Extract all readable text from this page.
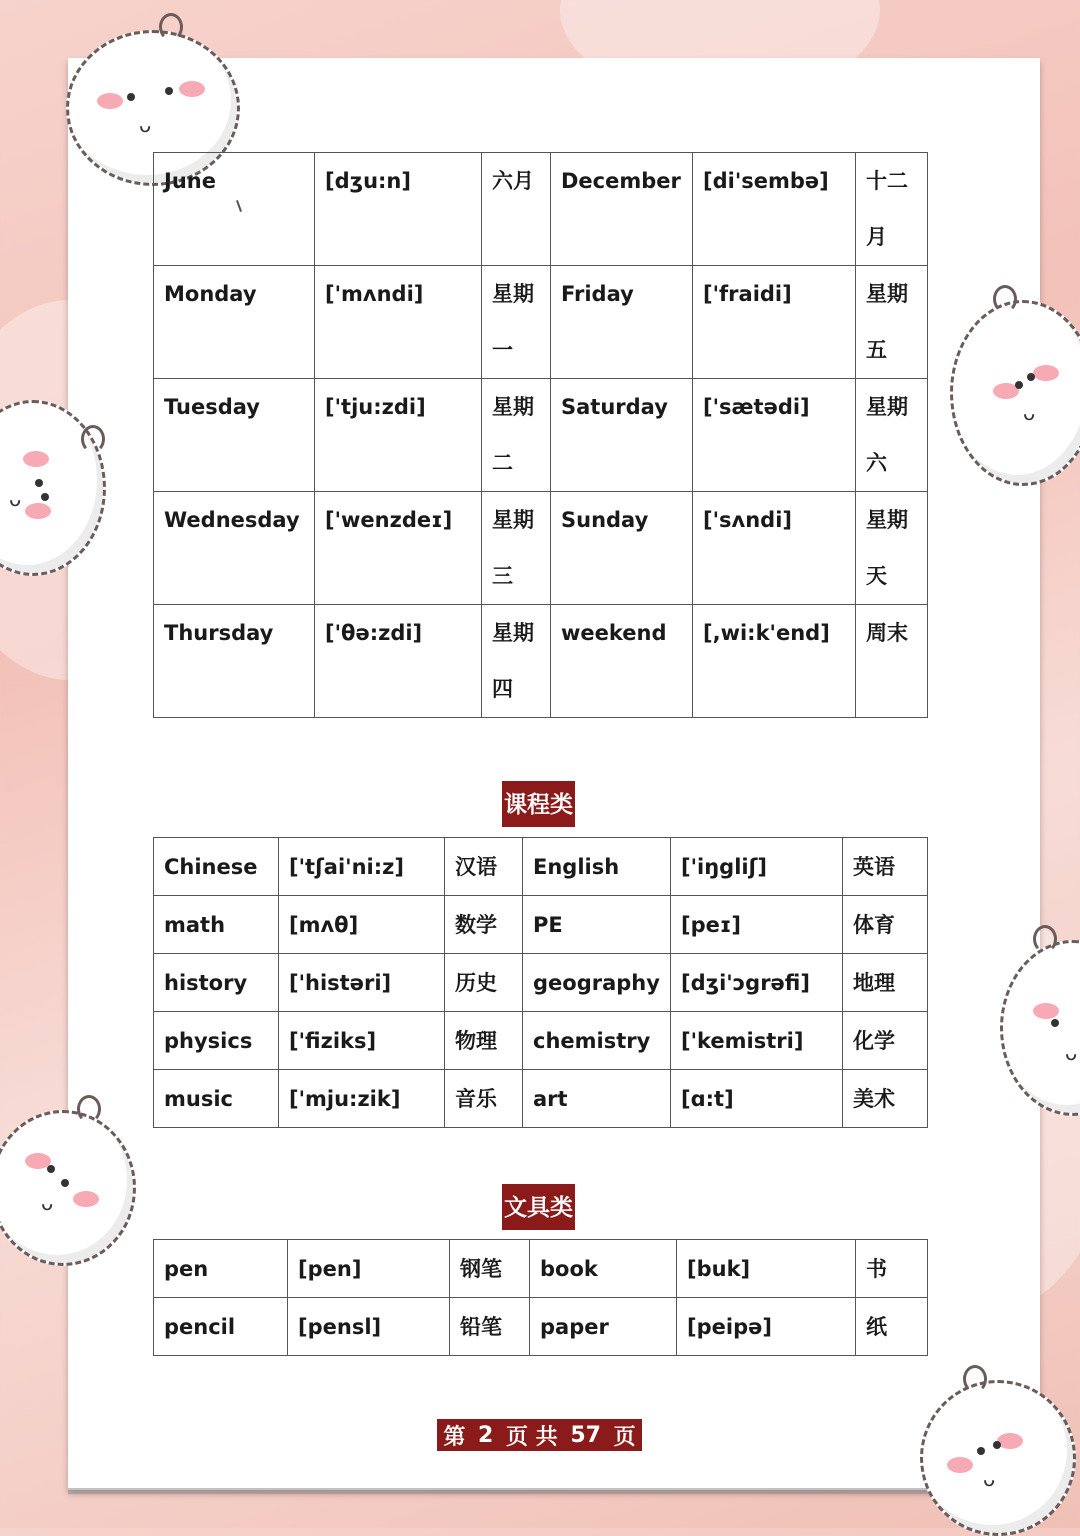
ᴗ
ᴗ
ᴗ
ᴗ
ᴗ
ᴗ
June	[dʒu:n]	六月	December	[di'sembə]	十二月
Monday	['mʌndi]	星期一	Friday	['fraidi]	星期五
Tuesday	['tju:zdi]	星期二	Saturday	['sætədi]	星期六
Wednesday	['wenzdeɪ]	星期三	Sunday	['sʌndi]	星期天
Thursday	['θə:zdi]	星期四	weekend	[,wi:k'end]	周末
课程类
Chinese	['tʃai'ni:z]	汉语	English	['iŋgliʃ]	英语
math	[mʌθ]	数学	PE	[peɪ]	体育
history	['histəri]	历史	geography	[dʒi'ɔgrəfi]	地理
physics	['fiziks]	物理	chemistry	['kemistri]	化学
music	['mju:zik]	音乐	art	[ɑ:t]	美术
文具类
pen	[pen]	钢笔	book	[buk]	书
pencil	[pensl]	铅笔	paper	[peipə]	纸
第 2 页 共 57 页
